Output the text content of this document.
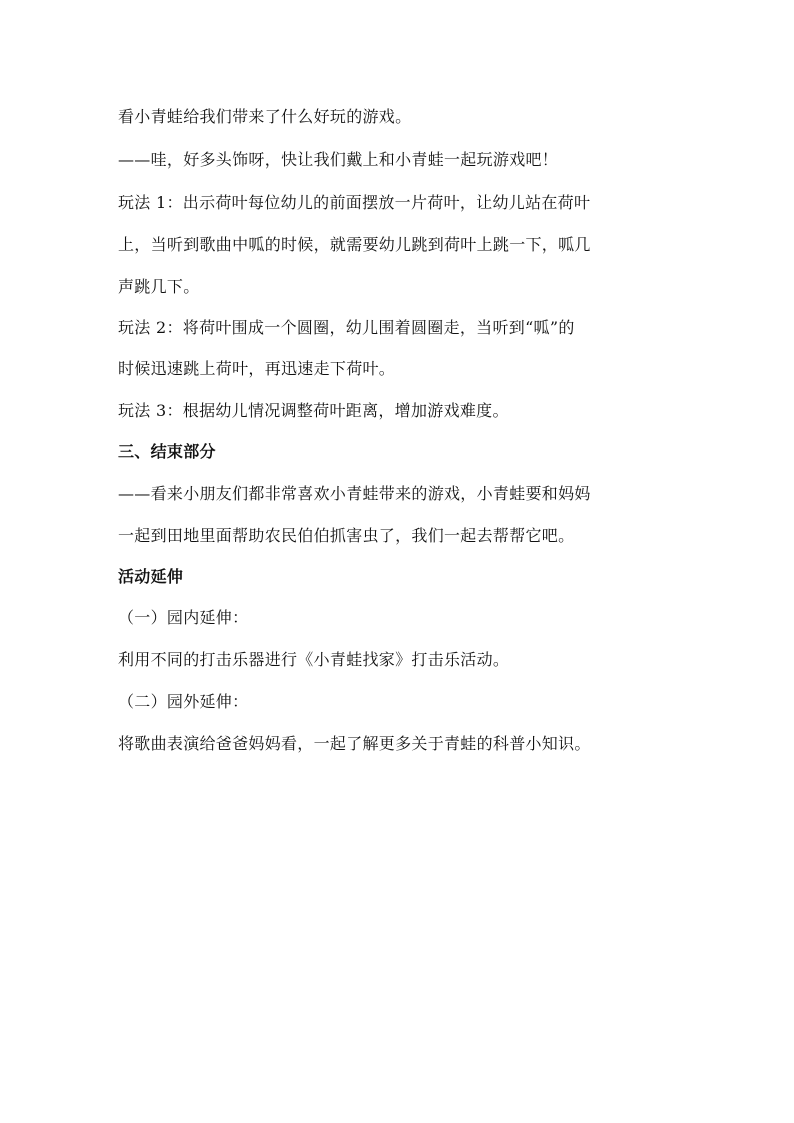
看小青蛙给我们带来了什么好玩的游戏。
——哇，好多头饰呀，快让我们戴上和小青蛙一起玩游戏吧！
玩法 1：出示荷叶每位幼儿的前面摆放一片荷叶，让幼儿站在荷叶
上，当听到歌曲中呱的时候，就需要幼儿跳到荷叶上跳一下，呱几
声跳几下。
玩法 2：将荷叶围成一个圆圈，幼儿围着圆圈走，当听到“呱”的
时候迅速跳上荷叶，再迅速走下荷叶。
玩法 3：根据幼儿情况调整荷叶距离，增加游戏难度。
三、结束部分
——看来小朋友们都非常喜欢小青蛙带来的游戏，小青蛙要和妈妈
一起到田地里面帮助农民伯伯抓害虫了，我们一起去帮帮它吧。
活动延伸
（一）园内延伸：
利用不同的打击乐器进行《小青蛙找家》打击乐活动。
（二）园外延伸：
将歌曲表演给爸爸妈妈看，一起了解更多关于青蛙的科普小知识。
